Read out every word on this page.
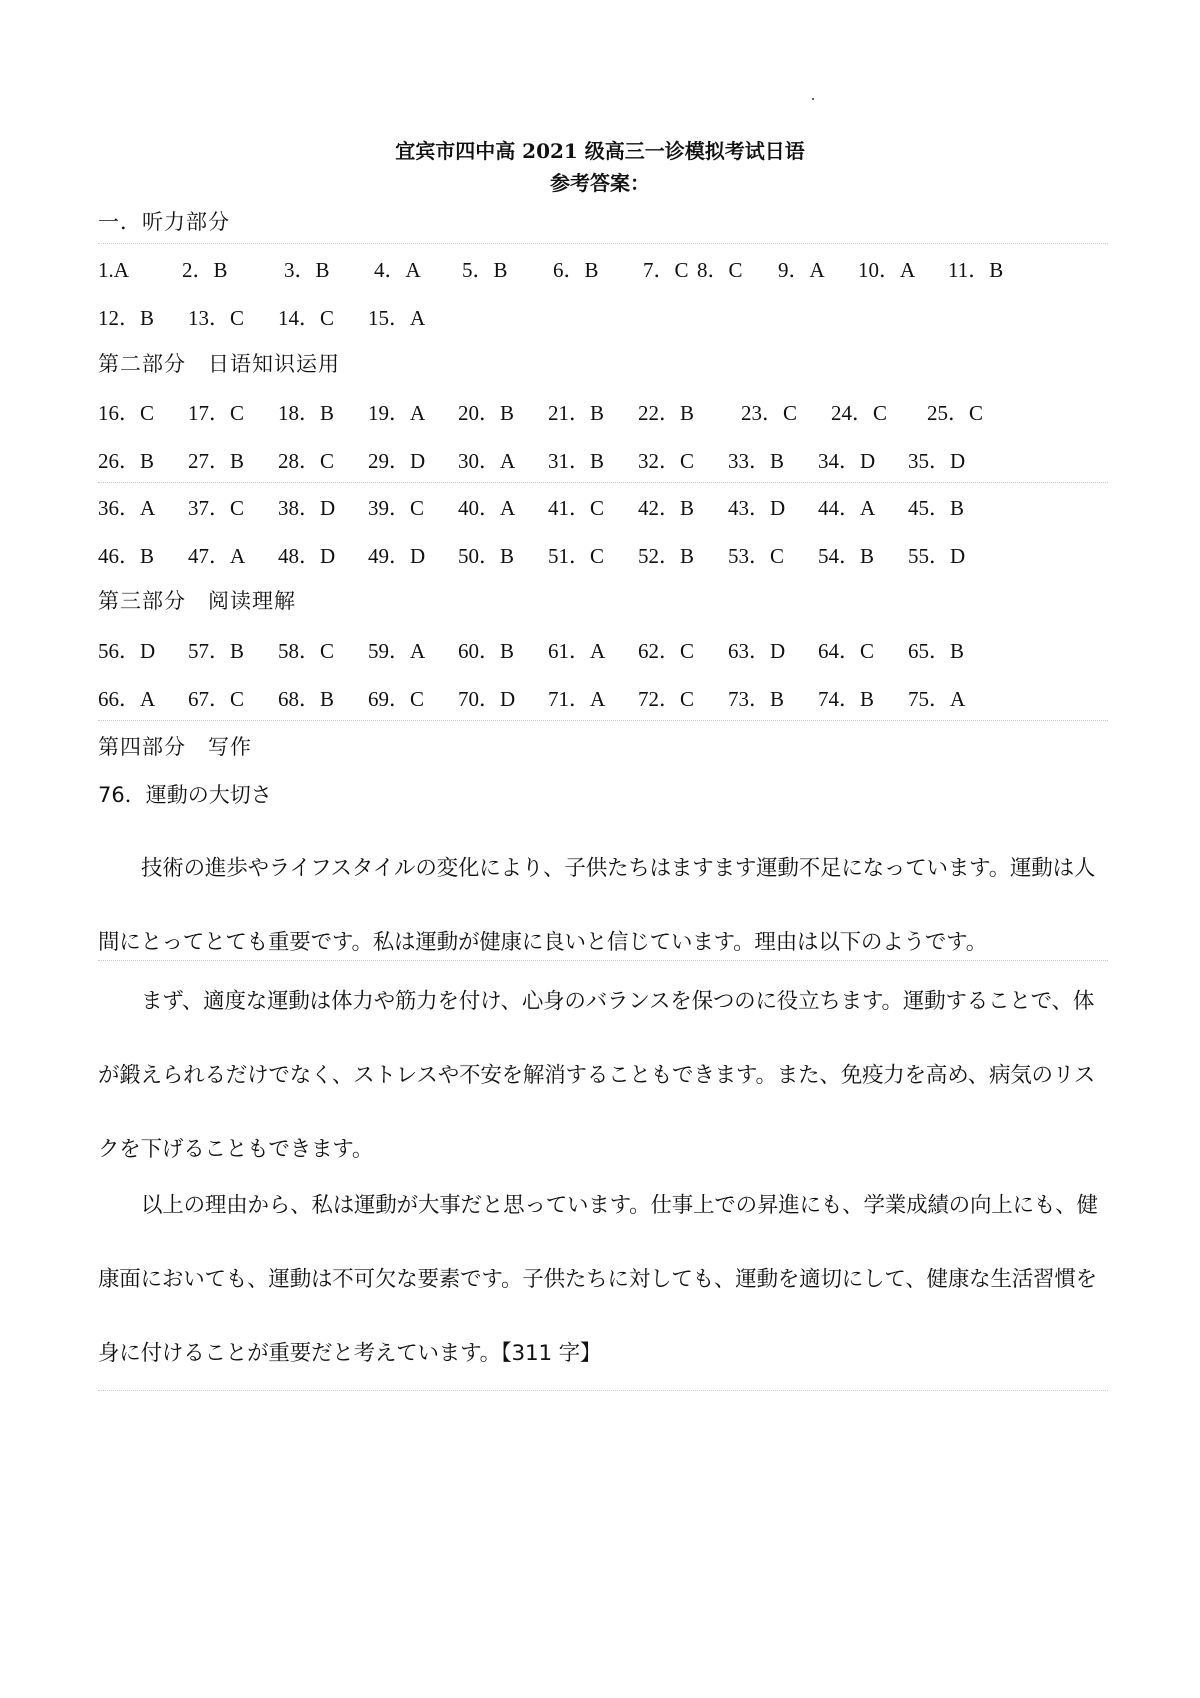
宜宾市四中高 2021 级高三一诊模拟考试日语
参考答案：
一．听力部分
1.A	2．B	3．B 4．A 5．B 6．B 7．C 8．C 9．A 10．A 11．B
12．B 13．C 14．C 15．A
第二部分　日语知识运用
16．C 17．C 18．B 19．A 20．B 21．B 22．B 23．C 24．C 25．C
26．B 27．B 28．C 29．D 30．A 31．B 32．C 33．B 34．D 35．D
36．A 37．C 38．D 39．C 40．A 41．C 42．B 43．D 44．A 45．B
46．B 47．A 48．D 49．D 50．B 51．C 52．B 53．C 54．B 55．D
第三部分　阅读理解
56．D 57．B 58．C 59．A 60．B 61．A 62．C 63．D 64．C 65．B
66．A 67．C 68．B 69．C 70．D 71．A 72．C 73．B 74．B 75．A
第四部分　写作
76．運動の大切さ

技術の進歩やライフスタイルの変化により、子供たちはますます運動不足になっています。運動は人間にとってとても重要です。私は運動が健康に良いと信じています。理由は以下のようです。

まず、適度な運動は体力や筋力を付け、心身のバランスを保つのに役立ちます。運動することで、体が鍛えられるだけでなく、ストレスや不安を解消することもできます。また、免疫力を高め、病気のリスクを下げることもできます。

以上の理由から、私は運動が大事だと思っています。仕事上での昇進にも、学業成績の向上にも、健康面においても、運動は不可欠な要素です。子供たちに対しても、運動を適切にして、健康な生活習慣を身に付けることが重要だと考えています。【311 字】
